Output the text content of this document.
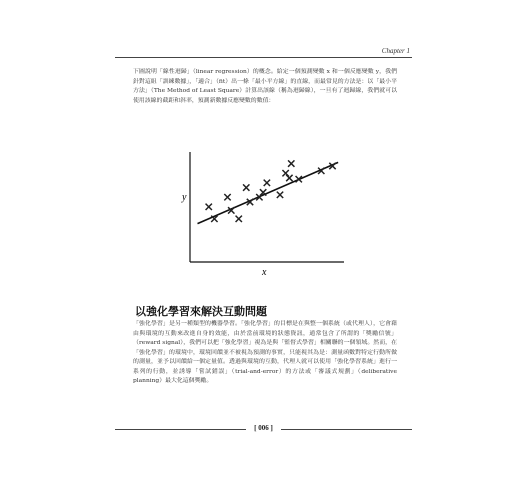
Chapter 1
下圖說明「線性迴歸」（linear regression）的概念。給定一個預測變數 x 和一個反應變數 y，我們針對這組「訓練數據」，「適合」（fit）出一條「最小平方線」的直線，而最常見的方法是：以「最小平方法」（The Method of Least Square）計算出該線（稱為迴歸線），一旦有了迴歸線，我們就可以使用該線的截距和斜率，預測新數據反應變數的數值：
y
x
以強化學習來解決互動問題
「強化學習」是另一種類型的機器學習。「強化學習」的目標是在與整一個系統（或代理人），它會藉由與環境的互動來改進自身的效能，由於當前環境的狀態資訊，通常包含了所謂的「獎勵信號」（reward signal），我們可以把「強化學習」視為是與「監督式學習」相關聯的一個領域。然而，在「強化學習」的環境中，環境回饋並不被視為預測的事實，只能視其為是：測量函數對特定行動所做的測量，並予以回饋給一個定量值。透過與環境的互動，代理人就可以使用「強化學習系統」進行一系列的行動，並誘導「嘗試錯誤」（trial-and-error）的方法或「審議式規劃」（deliberative planning）最大化這個獎勵。
[ 006 ]
